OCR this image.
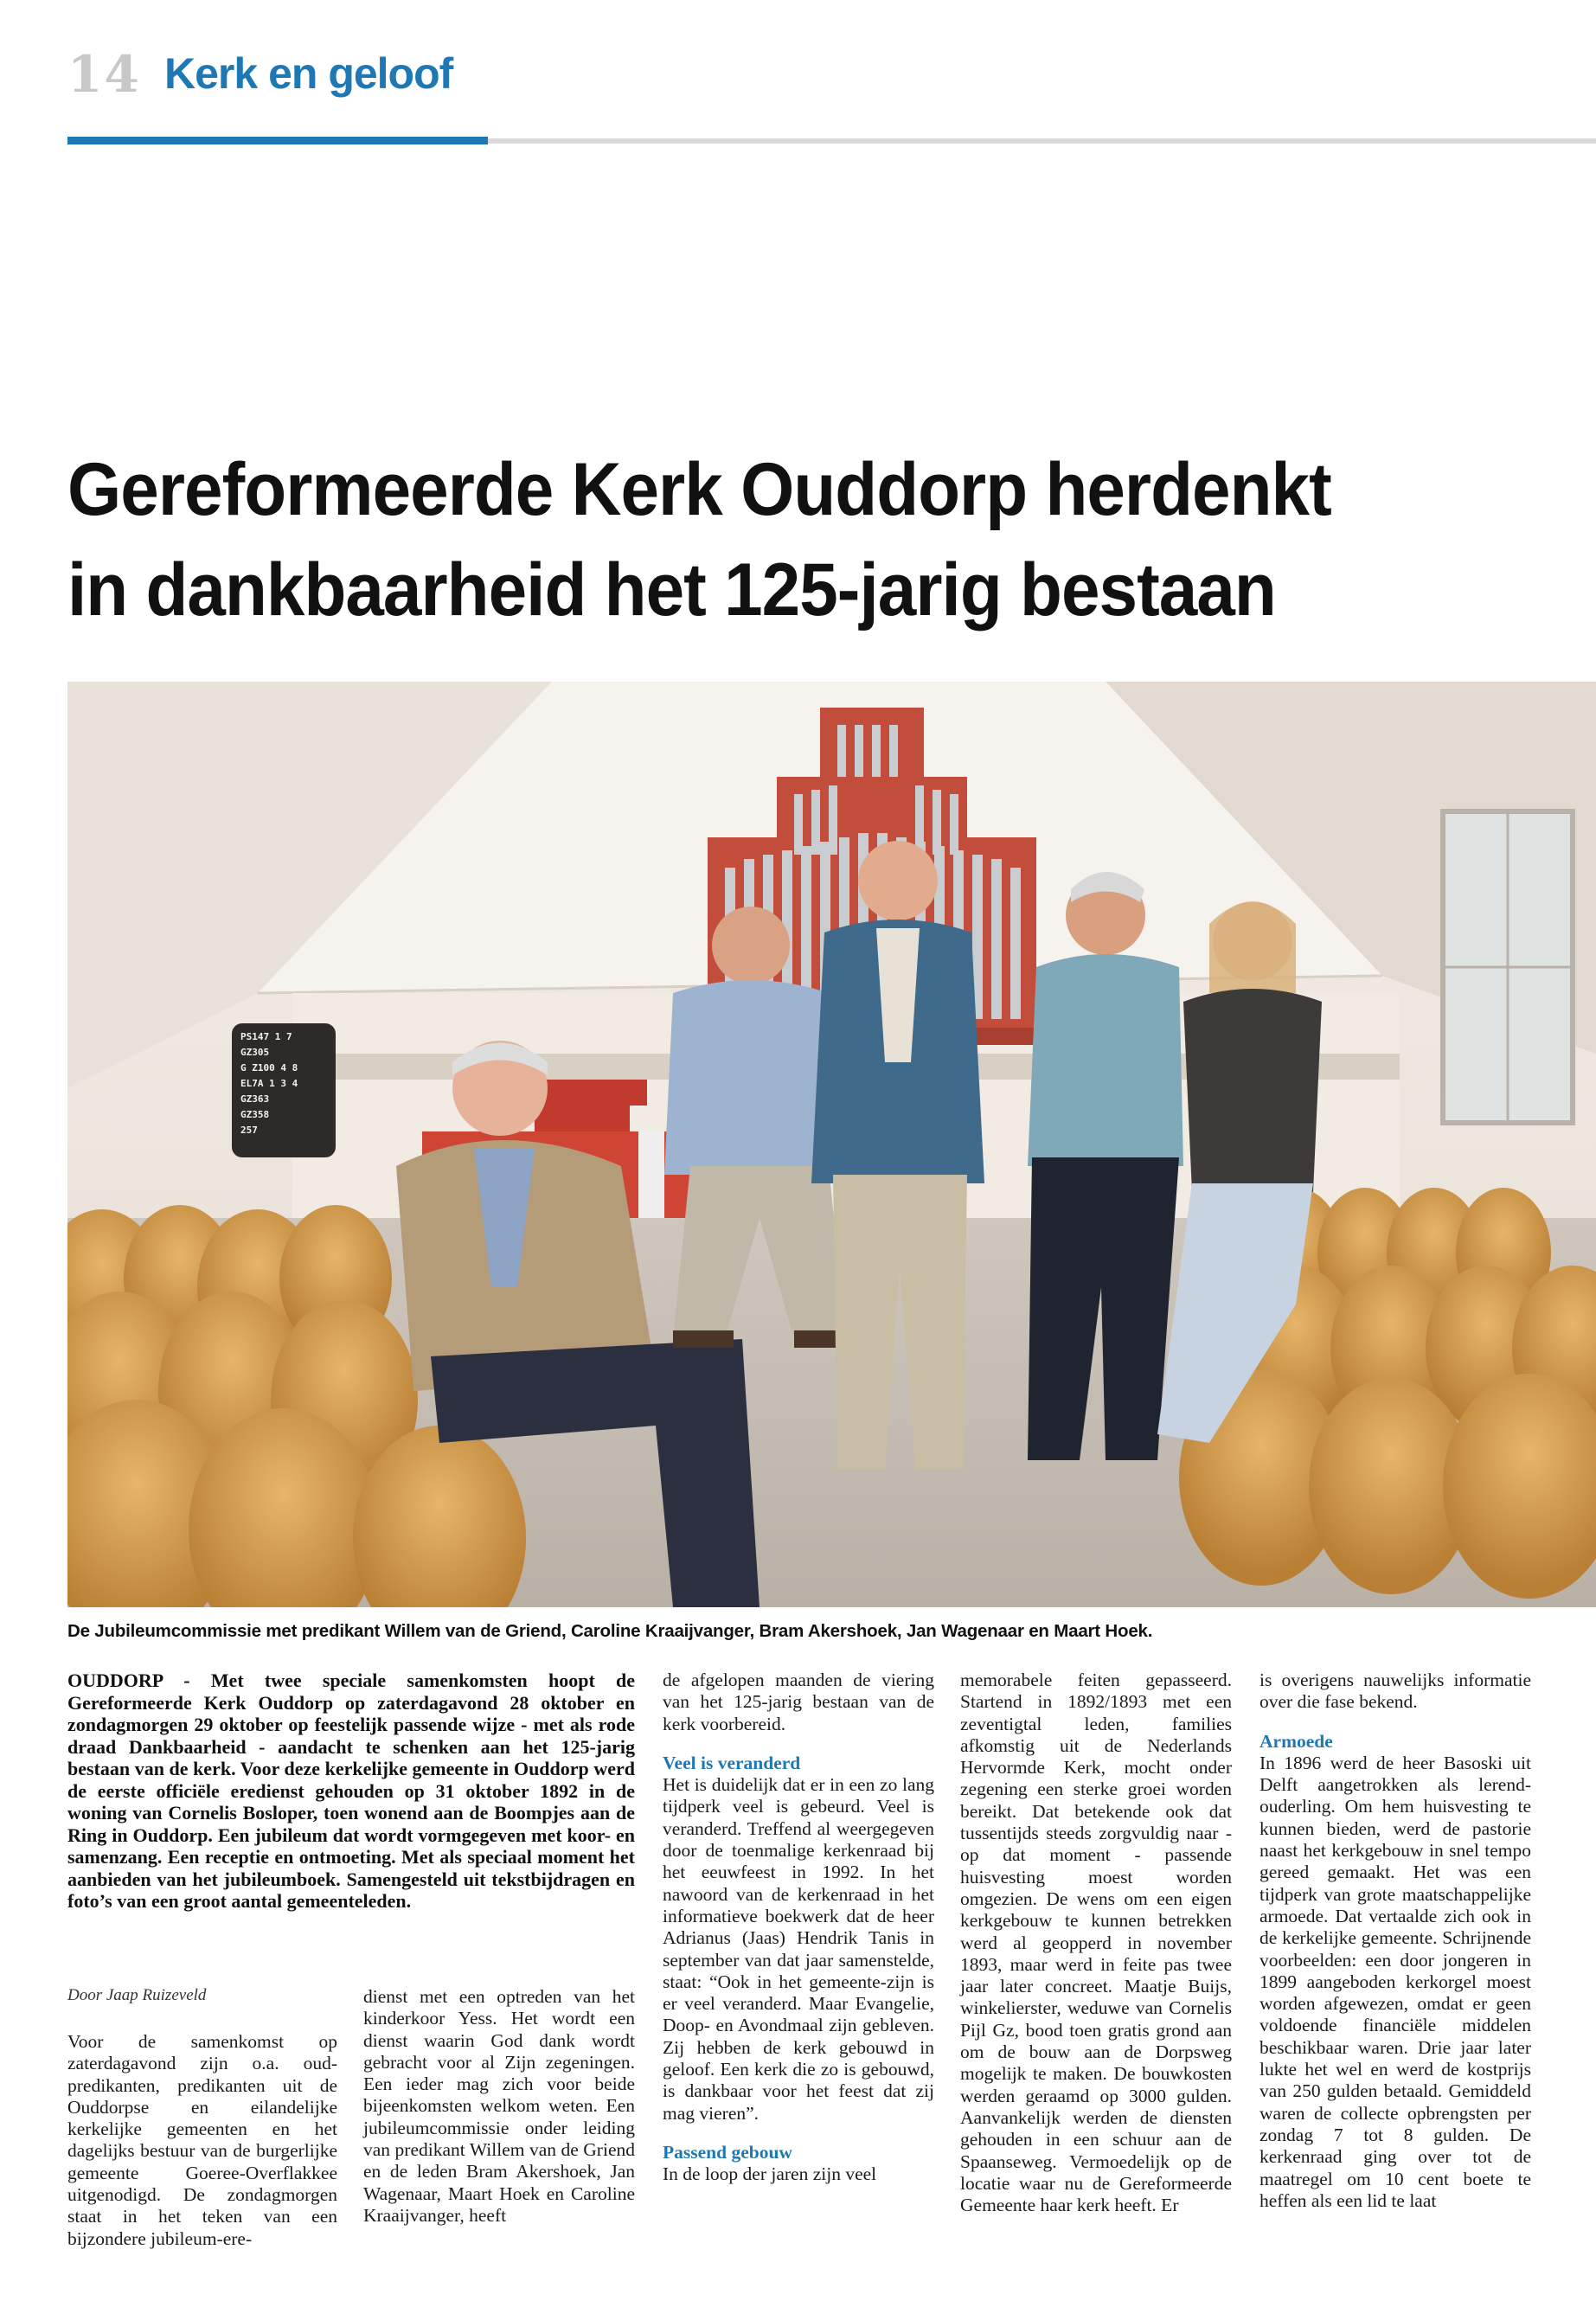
14 Kerk en geloof
Gereformeerde Kerk Ouddorp herdenkt
in dankbaarheid het 125-jarig bestaan
PS147 1 7
GZ305
G Z100 4 8
EL7A 1 3 4
GZ363
GZ358
257
De Jubileumcommissie met predikant Willem van de Griend, Caroline Kraaijvanger, Bram Akershoek, Jan Wagenaar en Maart Hoek.

OUDDORP - Met twee speciale samenkomsten hoopt de Gereformeerde Kerk Ouddorp op zaterdagavond 28 oktober en zondagmorgen 29 oktober op feestelijk passende wijze - met als rode draad Dankbaarheid - aandacht te schenken aan het 125-jarig bestaan van de kerk. Voor deze kerkelijke gemeente in Ouddorp werd de eerste officiële eredienst gehouden op 31 oktober 1892 in de woning van Cornelis Bosloper, toen wonend aan de Boompjes aan de Ring in Ouddorp. Een jubileum dat wordt vormgegeven met koor- en samenzang. Een receptie en ontmoeting. Met als speciaal moment het aanbieden van het jubileumboek. Samengesteld uit tekstbijdragen en foto’s van een groot aantal gemeenteleden.

Door Jaap Ruizeveld

Voor de samenkomst op zaterdagavond zijn o.a. oud-predikanten, predikanten uit de Ouddorpse en eilandelijke kerkelijke gemeenten en het dagelijks bestuur van de burgerlijke gemeente Goeree-Overflakkee uitgenodigd. De zondagmorgen staat in het teken van een bijzondere jubileum-ere-

dienst met een optreden van het kinderkoor Yess. Het wordt een dienst waarin God dank wordt gebracht voor al Zijn zegeningen. Een ieder mag zich voor beide bijeenkomsten welkom weten. Een jubileumcommissie onder leiding van predikant Willem van de Griend en de leden Bram Akershoek, Jan Wagenaar, Maart Hoek en Caroline Kraaijvanger, heeft

de afgelopen maanden de viering van het 125-jarig bestaan van de kerk voorbereid.

Veel is veranderd

Het is duidelijk dat er in een zo lang tijdperk veel is gebeurd. Veel is veranderd. Treffend al weergegeven door de toenmalige kerkenraad bij het eeuwfeest in 1992. In het nawoord van de kerkenraad in het informatieve boekwerk dat de heer Adrianus (Jaas) Hendrik Tanis in september van dat jaar samenstelde, staat: “Ook in het gemeente-zijn is er veel veranderd. Maar Evangelie, Doop- en Avondmaal zijn gebleven. Zij hebben de kerk gebouwd in geloof. Een kerk die zo is gebouwd, is dankbaar voor het feest dat zij mag vieren”.

Passend gebouw

In de loop der jaren zijn veel

memorabele feiten gepasseerd. Startend in 1892/1893 met een zeventigtal leden, families afkomstig uit de Nederlands Hervormde Kerk, mocht onder zegening een sterke groei worden bereikt. Dat betekende ook dat tussentijds steeds zorgvuldig naar - op dat moment - passende huisvesting moest worden omgezien. De wens om een eigen kerkgebouw te kunnen betrekken werd al geopperd in november 1893, maar werd in feite pas twee jaar later concreet. Maatje Buijs, winkelierster, weduwe van Cornelis Pijl Gz, bood toen gratis grond aan om de bouw aan de Dorpsweg mogelijk te maken. De bouwkosten werden geraamd op 3000 gulden. Aanvankelijk werden de diensten gehouden in een schuur aan de Spaanseweg. Vermoedelijk op de locatie waar nu de Gereformeerde Gemeente haar kerk heeft. Er

is overigens nauwelijks informatie over die fase bekend.

Armoede

In 1896 werd de heer Basoski uit Delft aangetrokken als lerend-ouderling. Om hem huisvesting te kunnen bieden, werd de pastorie naast het kerkgebouw in snel tempo gereed gemaakt. Het was een tijdperk van grote maatschappelijke armoede. Dat vertaalde zich ook in de kerkelijke gemeente. Schrijnende voorbeelden: een door jongeren in 1899 aangeboden kerkorgel moest worden afgewezen, omdat er geen voldoende financiële middelen beschikbaar waren. Drie jaar later lukte het wel en werd de kostprijs van 250 gulden betaald. Gemiddeld waren de collecte opbrengsten per zondag 7 tot 8 gulden. De kerkenraad ging over tot de maatregel om 10 cent boete te heffen als een lid te laat
